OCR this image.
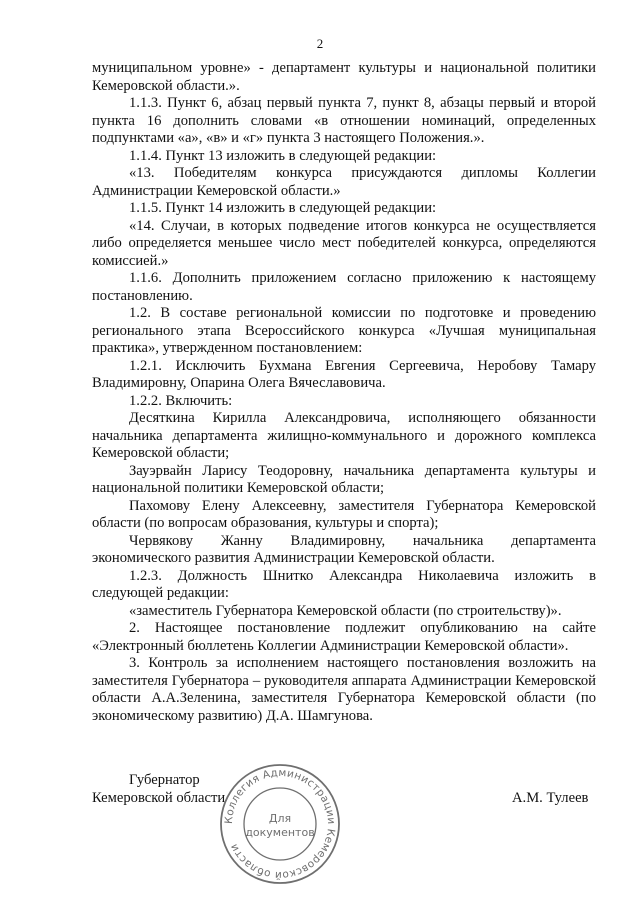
2

муниципальном уровне» - департамент культуры и национальной политики Кемеровской области.».

1.1.3. Пункт 6, абзац первый пункта 7, пункт 8, абзацы первый и второй пункта 16 дополнить словами «в отношении номинаций, определенных подпунктами «а», «в» и «г» пункта 3 настоящего Положения.».

1.1.4. Пункт 13 изложить в следующей редакции:

«13. Победителям конкурса присуждаются дипломы Коллегии Администрации Кемеровской области.»

1.1.5. Пункт 14 изложить в следующей редакции:

«14. Случаи, в которых подведение итогов конкурса не осуществляется либо определяется меньшее число мест победителей конкурса, определяются комиссией.»

1.1.6. Дополнить приложением согласно приложению к настоящему постановлению.

1.2. В составе региональной комиссии по подготовке и проведению регионального этапа Всероссийского конкурса «Лучшая муниципальная практика», утвержденном постановлением:

1.2.1. Исключить Бухмана Евгения Сергеевича, Неробову Тамару Владимировну, Опарина Олега Вячеславовича.

1.2.2. Включить:

Десяткина Кирилла Александровича, исполняющего обязанности начальника департамента жилищно-коммунального и дорожного комплекса Кемеровской области;

Зауэрвайн Ларису Теодоровну, начальника департамента культуры и национальной политики Кемеровской области;

Пахомову Елену Алексеевну, заместителя Губернатора Кемеровской области (по вопросам образования, культуры и спорта);

Червякову Жанну Владимировну, начальника департамента экономического развития Администрации Кемеровской области.

1.2.3. Должность Шнитко Александра Николаевича изложить в следующей редакции:

«заместитель Губернатора Кемеровской области (по строительству)».

2. Настоящее постановление подлежит опубликованию на сайте «Электронный бюллетень Коллегии Администрации Кемеровской области».

3. Контроль за исполнением настоящего постановления возложить на заместителя Губернатора – руководителя аппарата Администрации Кемеровской области А.А.Зеленина, заместителя Губернатора Кемеровской области (по экономическому развитию) Д.А. Шамгунова.

Губернатор
Кемеровской области	А.М. Тулеев
Коллегия Администрации Кемеровской области
Для
документов
